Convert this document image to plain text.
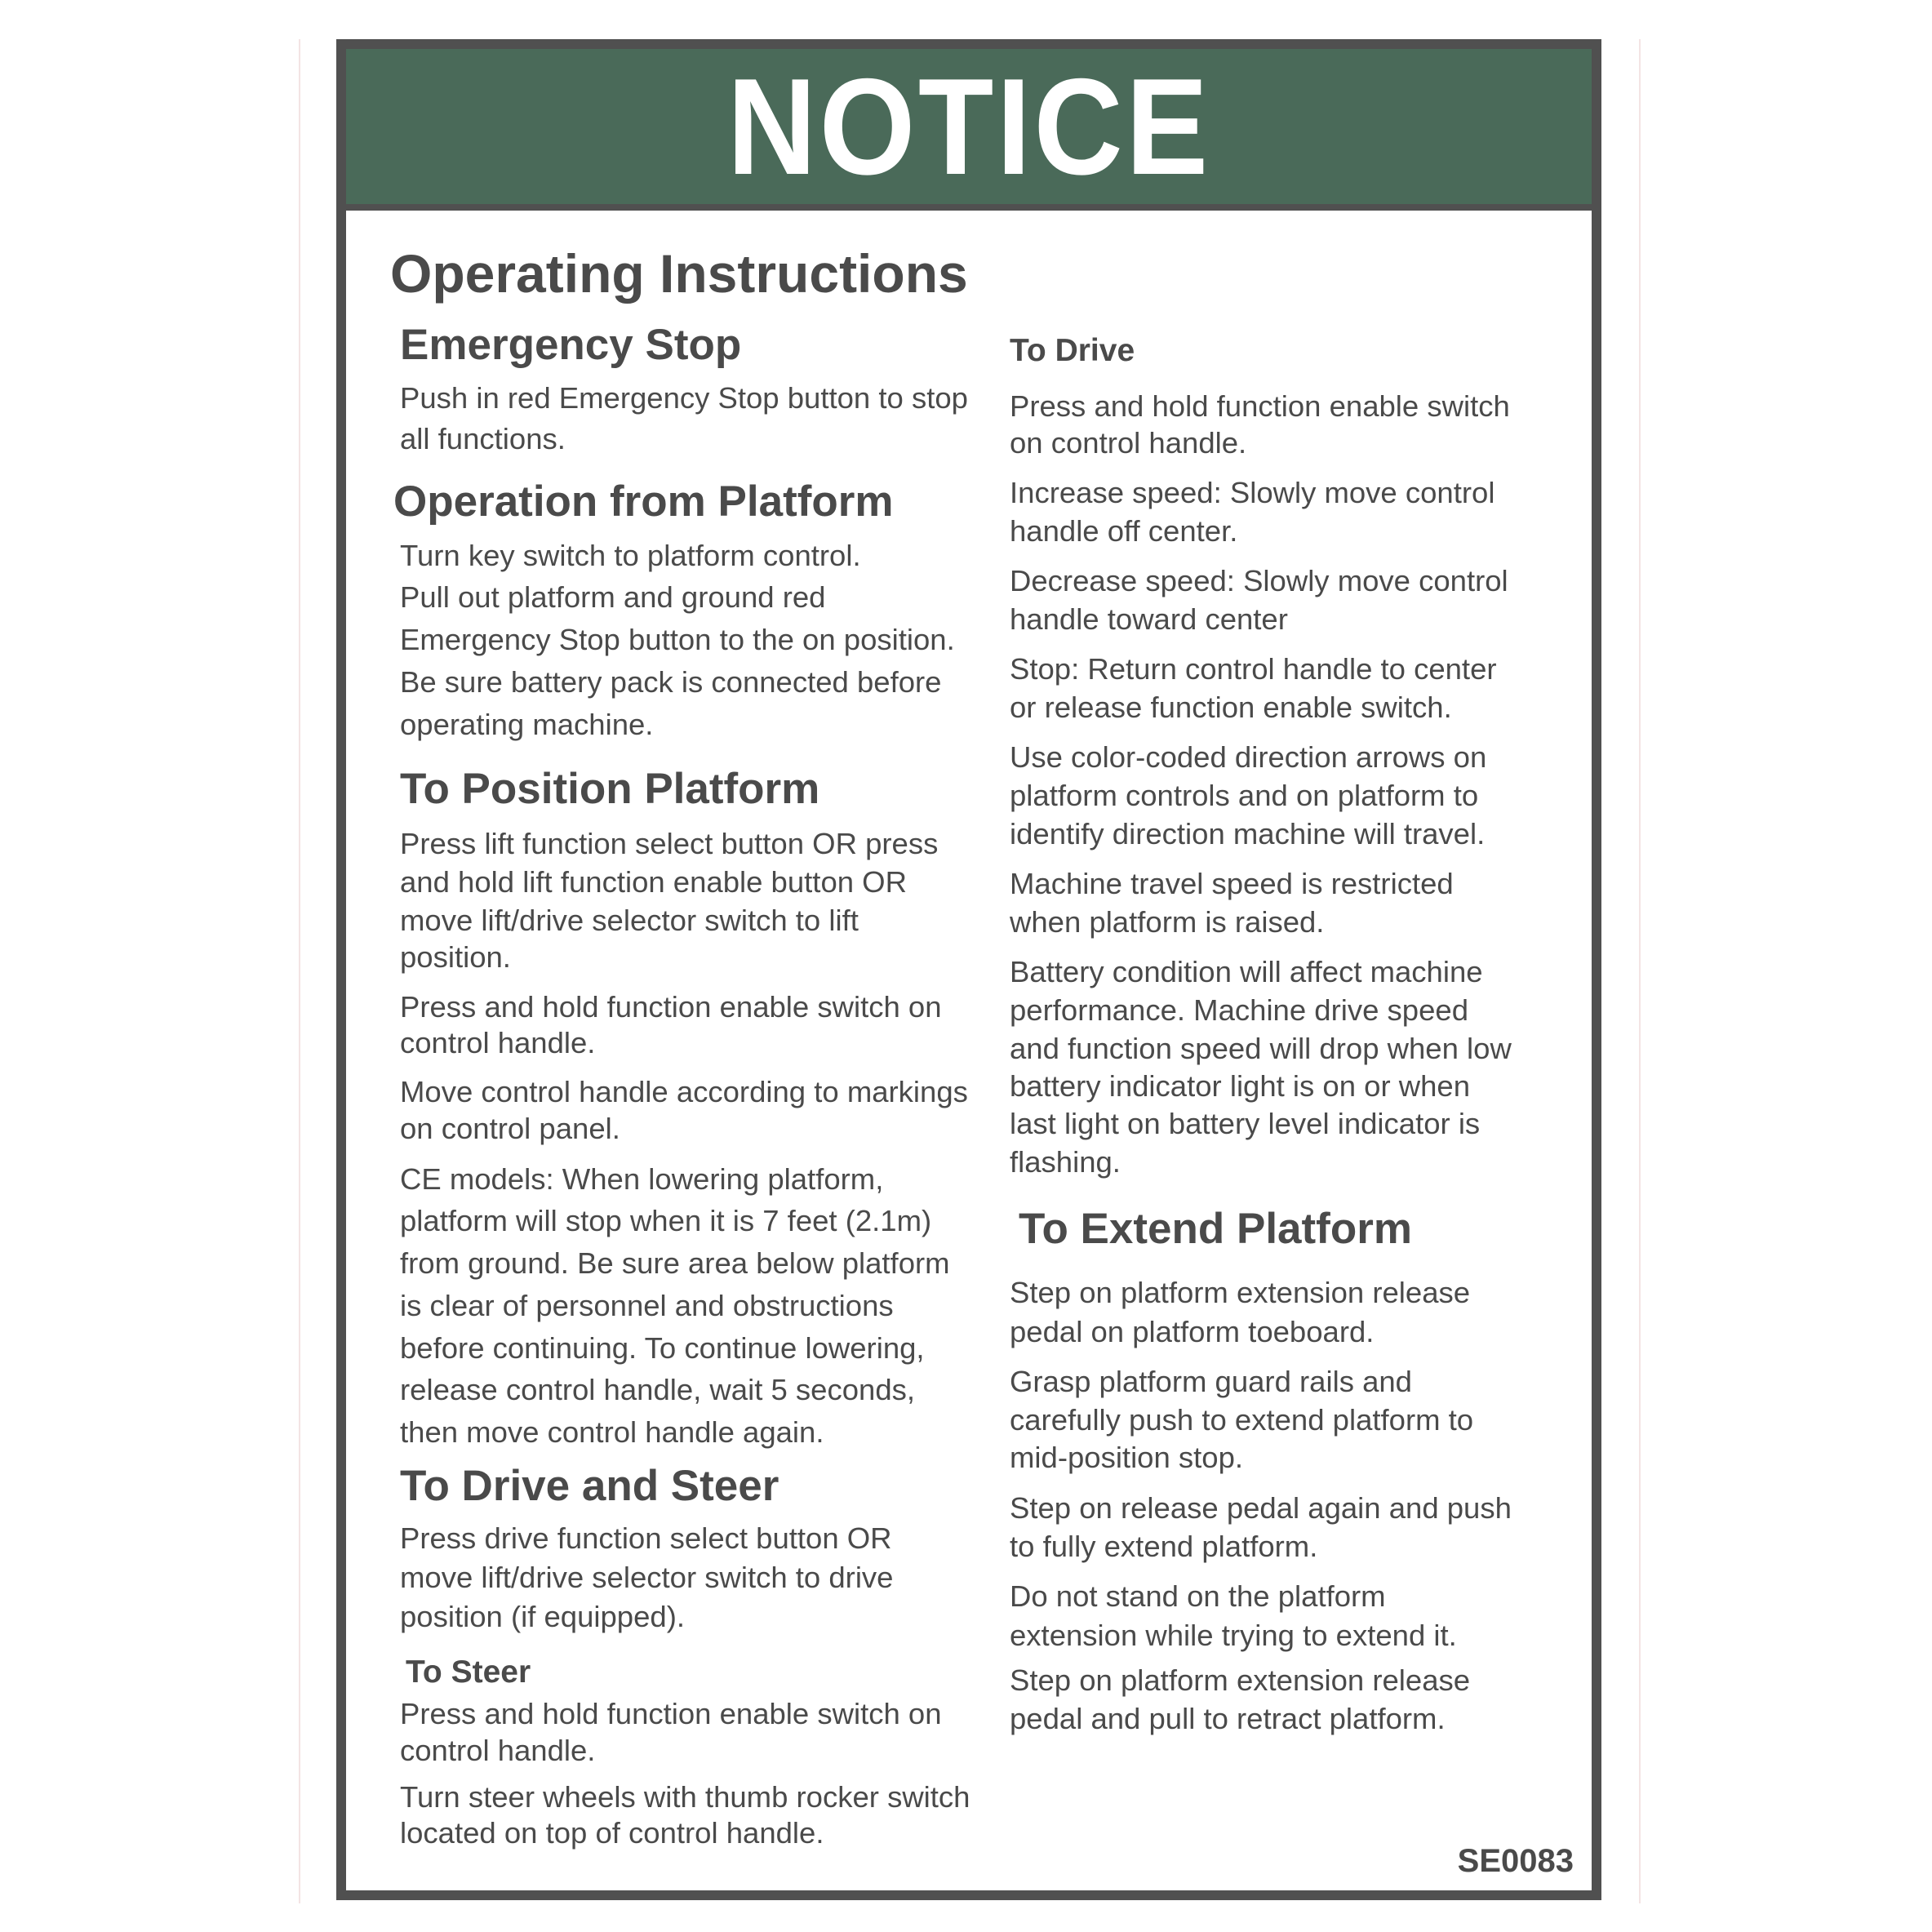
NOTICE
Operating Instructions
Emergency Stop
Push in red Emergency Stop button to stop
all functions.
Operation from Platform
Turn key switch to platform control.
Pull out platform and ground red
Emergency Stop button to the on position.
Be sure battery pack is connected before
operating machine.
To Position Platform
Press lift function select button OR press
and hold lift function enable button OR
move lift/drive selector switch to lift
position.
Press and hold function enable switch on
control handle.
Move control handle according to markings
on control panel.
CE models: When lowering platform,
platform will stop when it is 7 feet (2.1m)
from ground. Be sure area below platform
is clear of personnel and obstructions
before continuing. To continue lowering,
release control handle, wait 5 seconds,
then move control handle again.
To Drive and Steer
Press drive function select button OR
move lift/drive selector switch to drive
position (if equipped).
To Steer
Press and hold function enable switch on
control handle.
Turn steer wheels with thumb rocker switch
located on top of control handle.
To Drive
Press and hold function enable switch
on control handle.
Increase speed: Slowly move control
handle off center.
Decrease speed: Slowly move control
handle toward center
Stop: Return control handle to center
or release function enable switch.
Use color-coded direction arrows on
platform controls and on platform to
identify direction machine will travel.
Machine travel speed is restricted
when platform is raised.
Battery condition will affect machine
performance. Machine drive speed
and function speed will drop when low
battery indicator light is on or when
last light on battery level indicator is
flashing.
To Extend Platform
Step on platform extension release
pedal on platform toeboard.
Grasp platform guard rails and
carefully push to extend platform to
mid-position stop.
Step on release pedal again and push
to fully extend platform.
Do not stand on the platform
extension while trying to extend it.
Step on platform extension release
pedal and pull to retract platform.
SE0083
